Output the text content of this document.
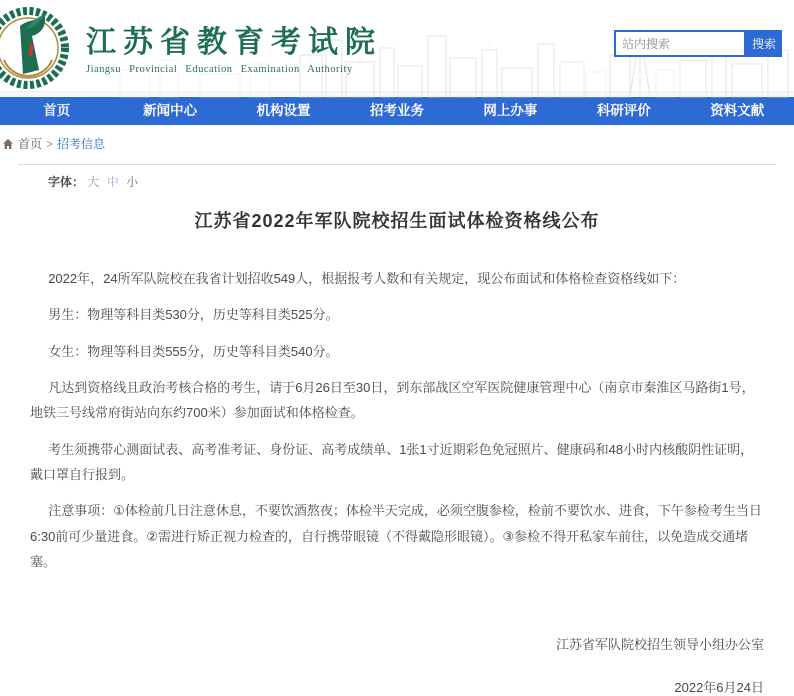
江苏省教育考试院
Jiangsu Provincial Education Examination Authority
站内搜索
搜索
首页	新闻中心	机构设置	招考业务	网上办事	科研评价	资料文献
首页 > 招考信息
字体： 大 中 小
江苏省2022年军队院校招生面试体检资格线公布

2022年，24所军队院校在我省计划招收549人，根据报考人数和有关规定，现公布面试和体格检查资格线如下：

男生：物理等科目类530分，历史等科目类525分。

女生：物理等科目类555分，历史等科目类540分。

凡达到资格线且政治考核合格的考生，请于6月26日至30日，到东部战区空军医院健康管理中心（南京市秦淮区马路街1号，地铁三号线常府街站向东约700米）参加面试和体格检查。

考生须携带心测面试表、高考准考证、身份证、高考成绩单、1张1寸近期彩色免冠照片、健康码和48小时内核酸阴性证明，戴口罩自行报到。

注意事项：①体检前几日注意休息，不要饮酒熬夜；体检半天完成，必须空腹参检，检前不要饮水、进食，下午参检考生当日6:30前可少量进食。②需进行矫正视力检查的，自行携带眼镜（不得戴隐形眼镜）。③参检不得开私家车前往，以免造成交通堵塞。

江苏省军队院校招生领导小组办公室
2022年6月24日
